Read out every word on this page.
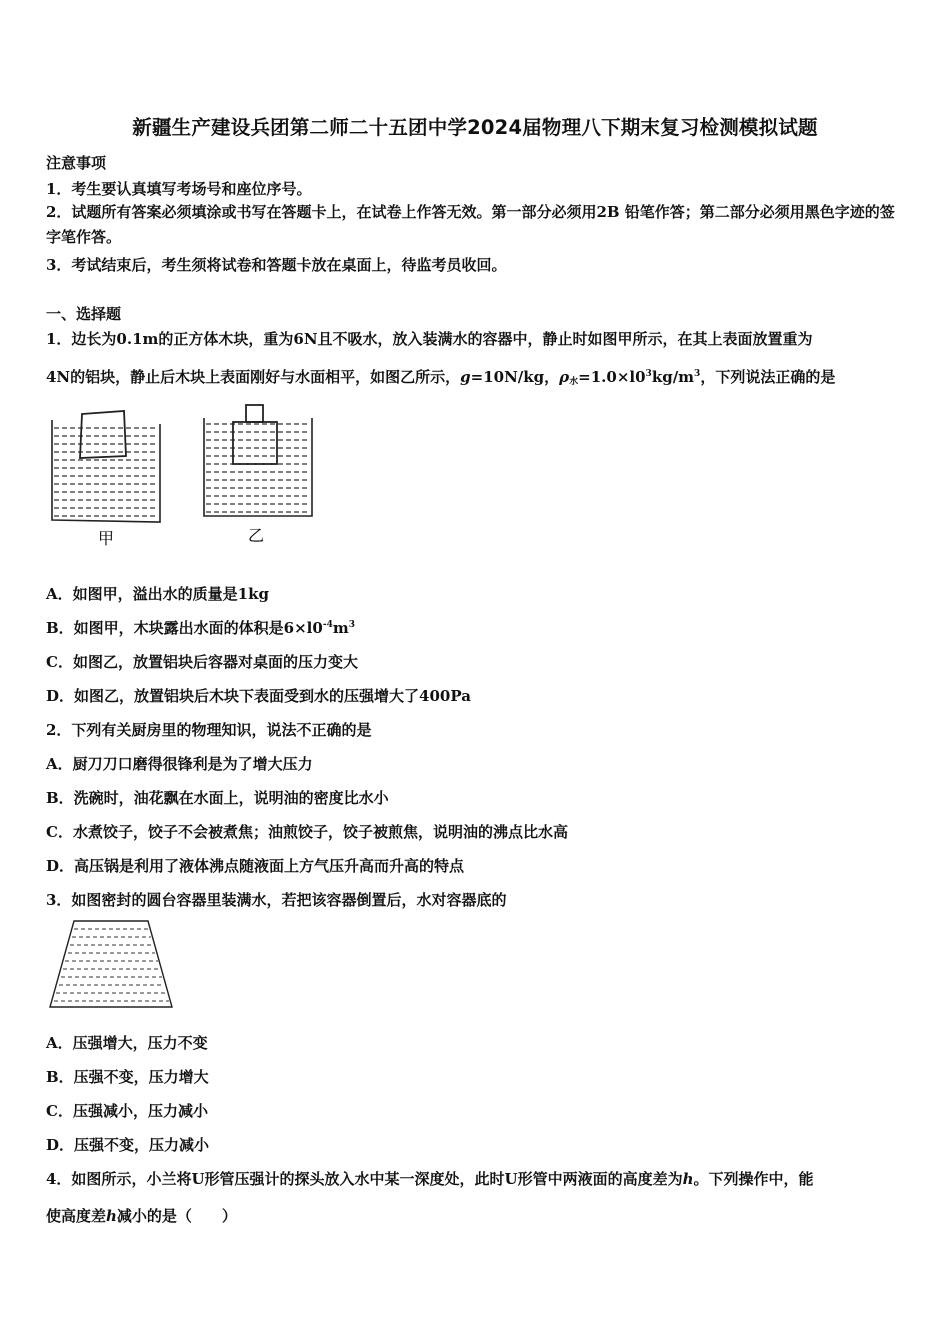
新疆生产建设兵团第二师二十五团中学2024届物理八下期末复习检测模拟试题
注意事项
1．考生要认真填写考场号和座位序号。
2．试题所有答案必须填涂或书写在答题卡上，在试卷上作答无效。第一部分必须用2B 铅笔作答；第二部分必须用黑色字迹的签字笔作答。
3．考试结束后，考生须将试卷和答题卡放在桌面上，待监考员收回。
一、选择题
1．边长为0.1m的正方体木块，重为6N且不吸水，放入装满水的容器中，静止时如图甲所示，在其上表面放置重为
4N的铝块，静止后木块上表面刚好与水面相平，如图乙所示，g=10N/kg，$\rho_水=1.0\times l0^3kg/m^3$，下列说法正确的是
甲	乙
A．如图甲，溢出水的质量是1kg
B．如图甲，木块露出水面的体积是$6\times l0^{-4}m^3$
C．如图乙，放置铝块后容器对桌面的压力变大
D．如图乙，放置铝块后木块下表面受到水的压强增大了400Pa
2．下列有关厨房里的物理知识，说法不正确的是
A．厨刀刀口磨得很锋利是为了增大压力
B．洗碗时，油花飘在水面上，说明油的密度比水小
C．水煮饺子，饺子不会被煮焦；油煎饺子，饺子被煎焦，说明油的沸点比水高
D．高压锅是利用了液体沸点随液面上方气压升高而升高的特点
3．如图密封的圆台容器里装满水，若把该容器倒置后，水对容器底的
A．压强增大，压力不变
B．压强不变，压力增大
C．压强减小，压力减小
D．压强不变，压力减小
4．如图所示，小兰将U形管压强计的探头放入水中某一深度处，此时U形管中两液面的高度差为h。下列操作中，能
使高度差h减小的是（　　）
